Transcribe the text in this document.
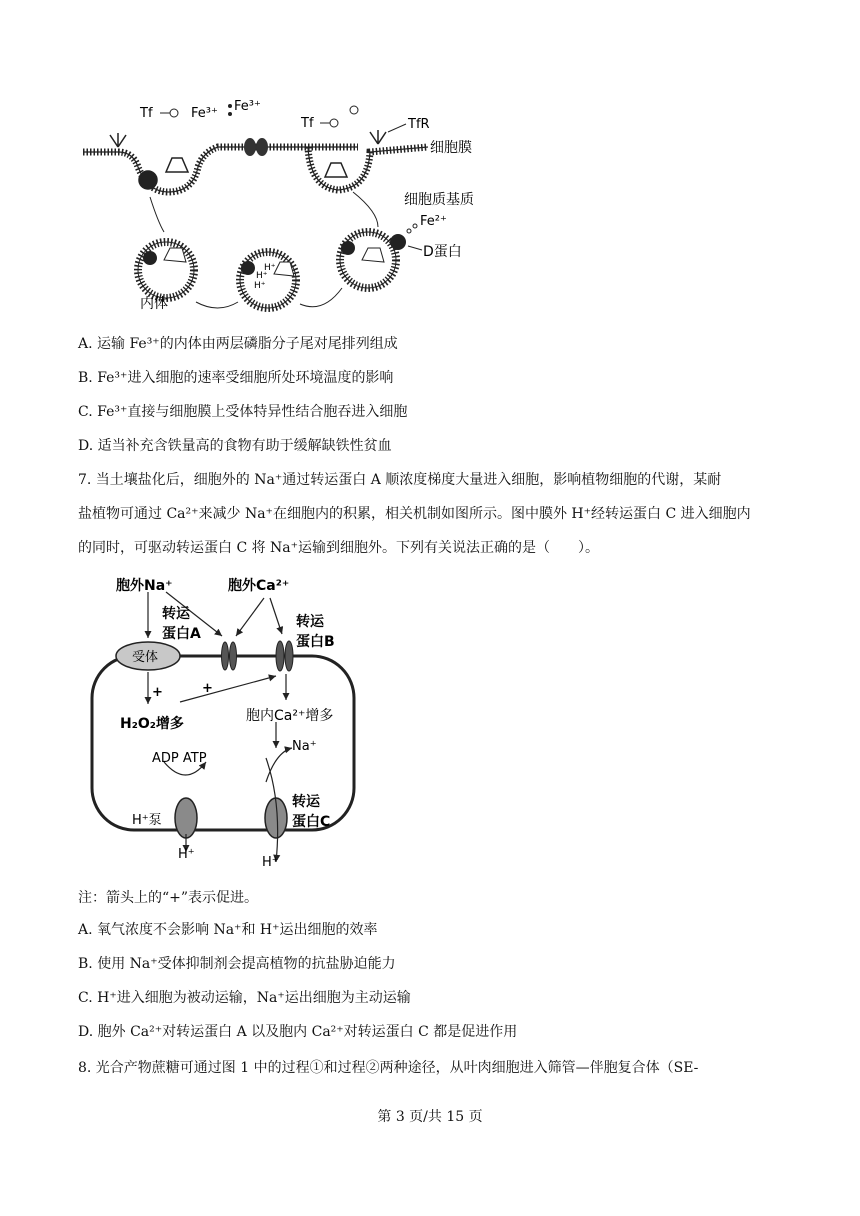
Tf	Fe³⁺ Fe³⁺
Tf	TfR
细胞膜
H⁺
H⁺
H⁺
细胞质基质
Fe²⁺
D蛋白
内体
A. 运输 Fe³⁺的内体由两层磷脂分子尾对尾排列组成
B. Fe³⁺进入细胞的速率受细胞所处环境温度的影响
C. Fe³⁺直接与细胞膜上受体特异性结合胞吞进入细胞
D. 适当补充含铁量高的食物有助于缓解缺铁性贫血
7. 当土壤盐化后，细胞外的 Na⁺通过转运蛋白 A 顺浓度梯度大量进入细胞，影响植物细胞的代谢，某耐
盐植物可通过 Ca²⁺来减少 Na⁺在细胞内的积累，相关机制如图所示。图中膜外 H⁺经转运蛋白 C 进入细胞内
的同时，可驱动转运蛋白 C 将 Na⁺运输到细胞外。下列有关说法正确的是（　　）。
受体
胞外Na⁺	胞外Ca²⁺
转运
蛋白A
转运
蛋白B
+	+
H₂O₂增多	胞内Ca²⁺增多
Na⁺
ADP ATP
H⁺泵
转运
蛋白C
H⁺
H⁺
注：箭头上的“+”表示促进。
A. 氧气浓度不会影响 Na⁺和 H⁺运出细胞的效率
B. 使用 Na⁺受体抑制剂会提高植物的抗盐胁迫能力
C. H⁺进入细胞为被动运输，Na⁺运出细胞为主动运输
D. 胞外 Ca²⁺对转运蛋白 A 以及胞内 Ca²⁺对转运蛋白 C 都是促进作用
8. 光合产物蔗糖可通过图 1 中的过程①和过程②两种途径，从叶肉细胞进入筛管—伴胞复合体（SE-
第 3 页/共 15 页
